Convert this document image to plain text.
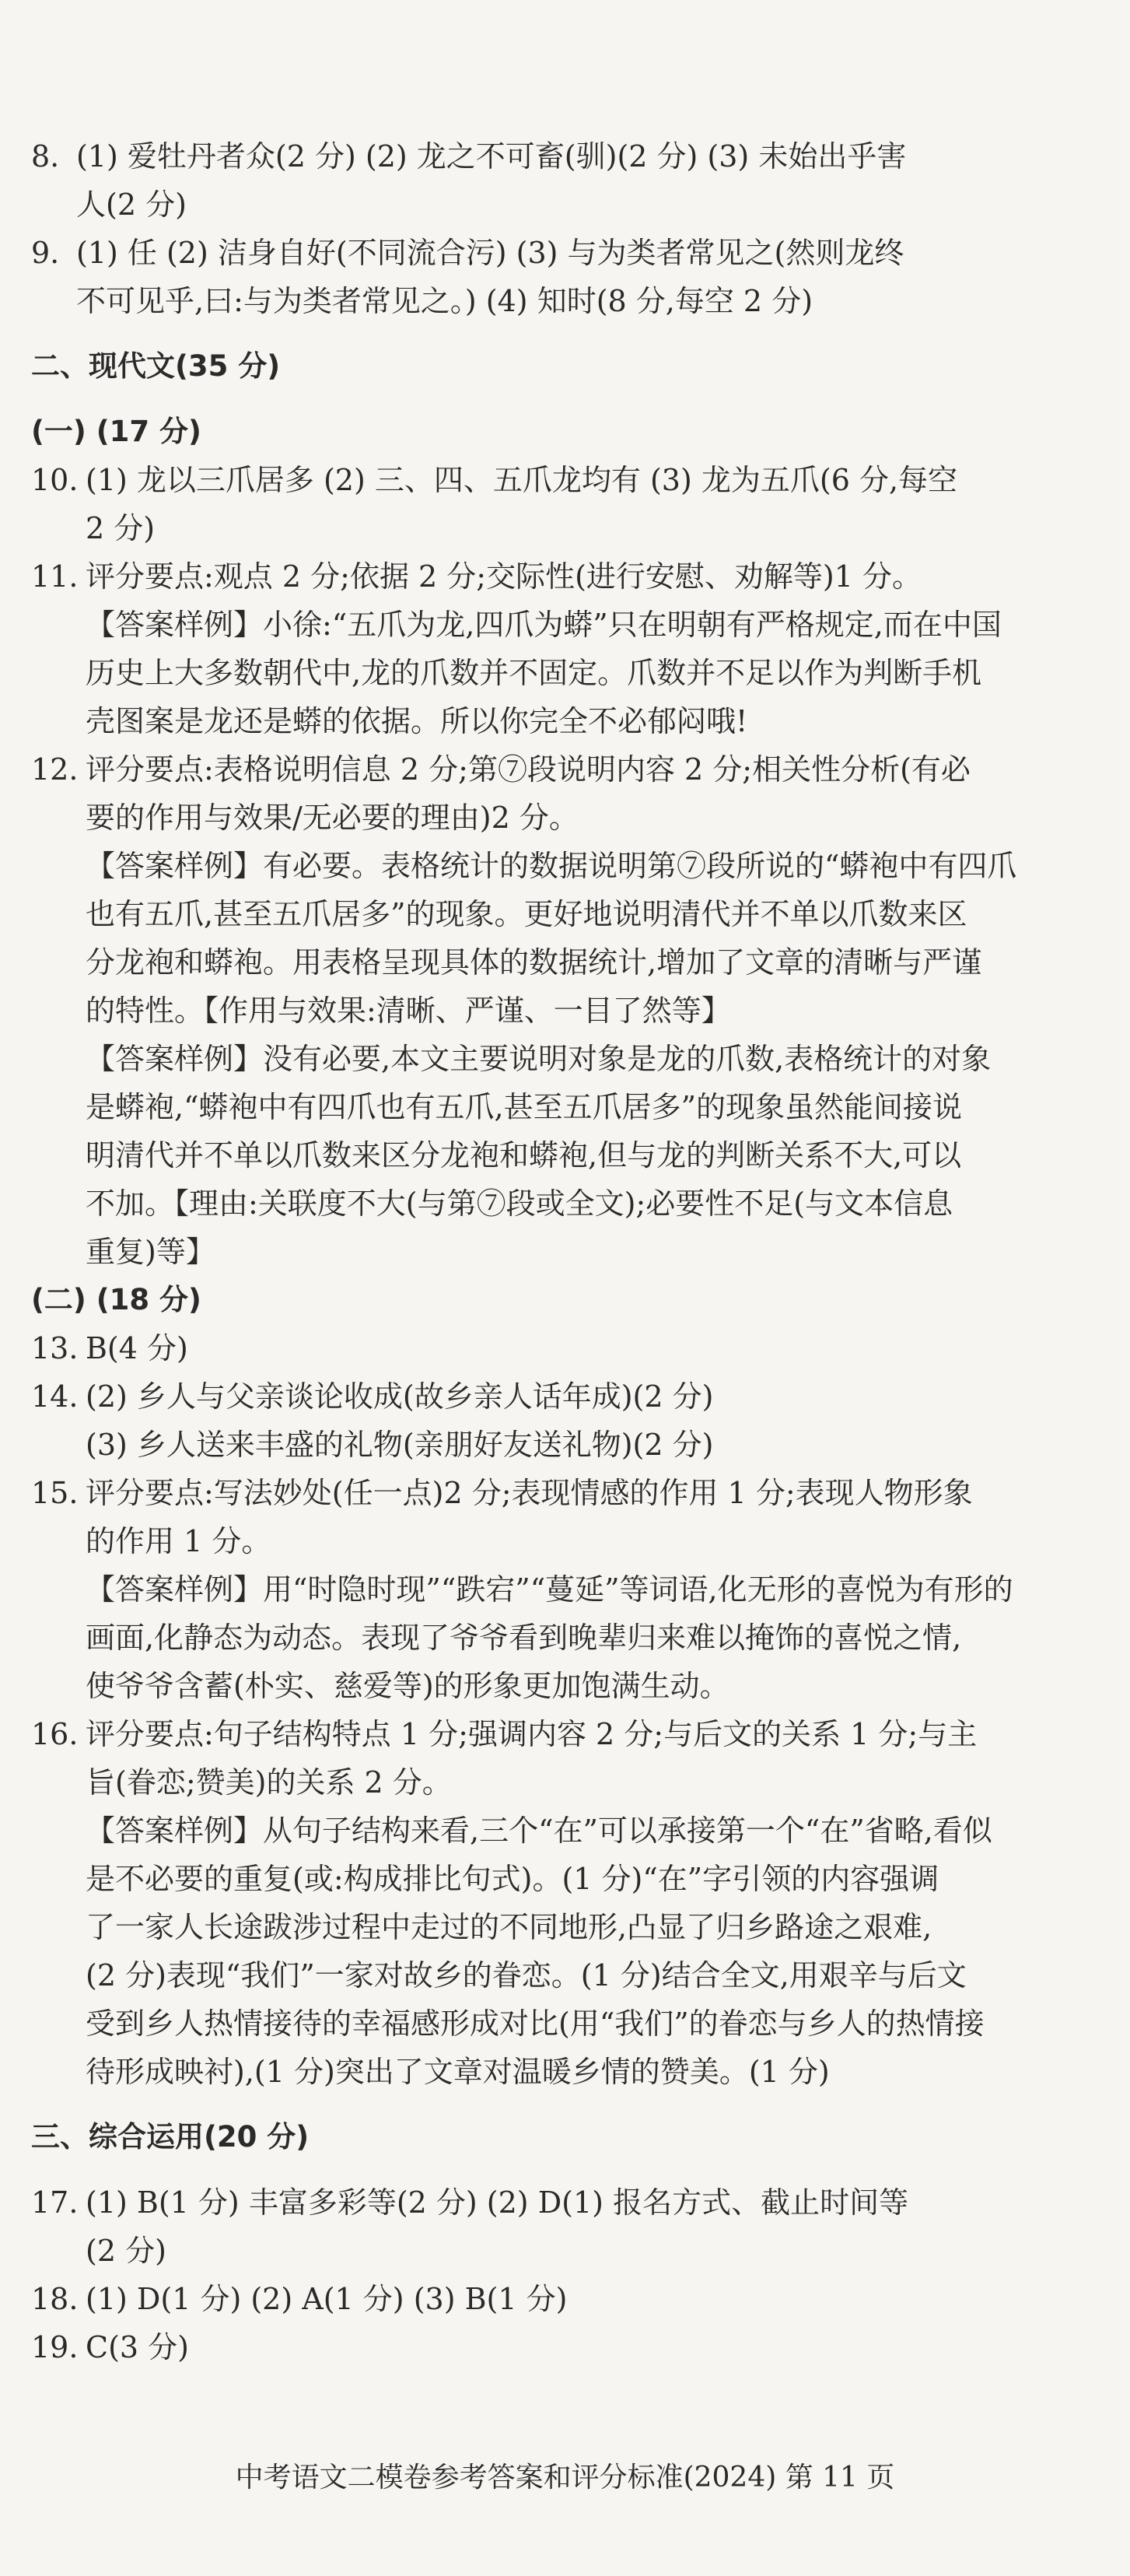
8. (1) 爱牡丹者众(2 分) (2) 龙之不可畜(驯)(2 分) (3) 未始出乎害
人(2 分)
9. (1) 任 (2) 洁身自好(不同流合污) (3) 与为类者常见之(然则龙终
不可见乎,曰:与为类者常见之。) (4) 知时(8 分,每空 2 分)
二、现代文(35 分)
(一) (17 分)
10. (1) 龙以三爪居多 (2) 三、四、五爪龙均有 (3) 龙为五爪(6 分,每空
2 分)
11. 评分要点:观点 2 分;依据 2 分;交际性(进行安慰、劝解等)1 分。
【答案样例】小徐:“五爪为龙,四爪为蟒”只在明朝有严格规定,而在中国
历史上大多数朝代中,龙的爪数并不固定。爪数并不足以作为判断手机
壳图案是龙还是蟒的依据。所以你完全不必郁闷哦!
12. 评分要点:表格说明信息 2 分;第⑦段说明内容 2 分;相关性分析(有必
要的作用与效果/无必要的理由)2 分。
【答案样例】有必要。表格统计的数据说明第⑦段所说的“蟒袍中有四爪
也有五爪,甚至五爪居多”的现象。更好地说明清代并不单以爪数来区
分龙袍和蟒袍。用表格呈现具体的数据统计,增加了文章的清晰与严谨
的特性。【作用与效果:清晰、严谨、一目了然等】
【答案样例】没有必要,本文主要说明对象是龙的爪数,表格统计的对象
是蟒袍,“蟒袍中有四爪也有五爪,甚至五爪居多”的现象虽然能间接说
明清代并不单以爪数来区分龙袍和蟒袍,但与龙的判断关系不大,可以
不加。【理由:关联度不大(与第⑦段或全文);必要性不足(与文本信息
重复)等】
(二) (18 分)
13. B(4 分)
14. (2) 乡人与父亲谈论收成(故乡亲人话年成)(2 分)
(3) 乡人送来丰盛的礼物(亲朋好友送礼物)(2 分)
15. 评分要点:写法妙处(任一点)2 分;表现情感的作用 1 分;表现人物形象
的作用 1 分。
【答案样例】用“时隐时现”“跌宕”“蔓延”等词语,化无形的喜悦为有形的
画面,化静态为动态。表现了爷爷看到晚辈归来难以掩饰的喜悦之情,
使爷爷含蓄(朴实、慈爱等)的形象更加饱满生动。
16. 评分要点:句子结构特点 1 分;强调内容 2 分;与后文的关系 1 分;与主
旨(眷恋;赞美)的关系 2 分。
【答案样例】从句子结构来看,三个“在”可以承接第一个“在”省略,看似
是不必要的重复(或:构成排比句式)。(1 分)“在”字引领的内容强调
了一家人长途跋涉过程中走过的不同地形,凸显了归乡路途之艰难,
(2 分)表现“我们”一家对故乡的眷恋。(1 分)结合全文,用艰辛与后文
受到乡人热情接待的幸福感形成对比(用“我们”的眷恋与乡人的热情接
待形成映衬),(1 分)突出了文章对温暖乡情的赞美。(1 分)
三、综合运用(20 分)
17. (1) B(1 分) 丰富多彩等(2 分) (2) D(1) 报名方式、截止时间等
(2 分)
18. (1) D(1 分) (2) A(1 分) (3) B(1 分)
19. C(3 分)
中考语文二模卷参考答案和评分标准(2024) 第 11 页
